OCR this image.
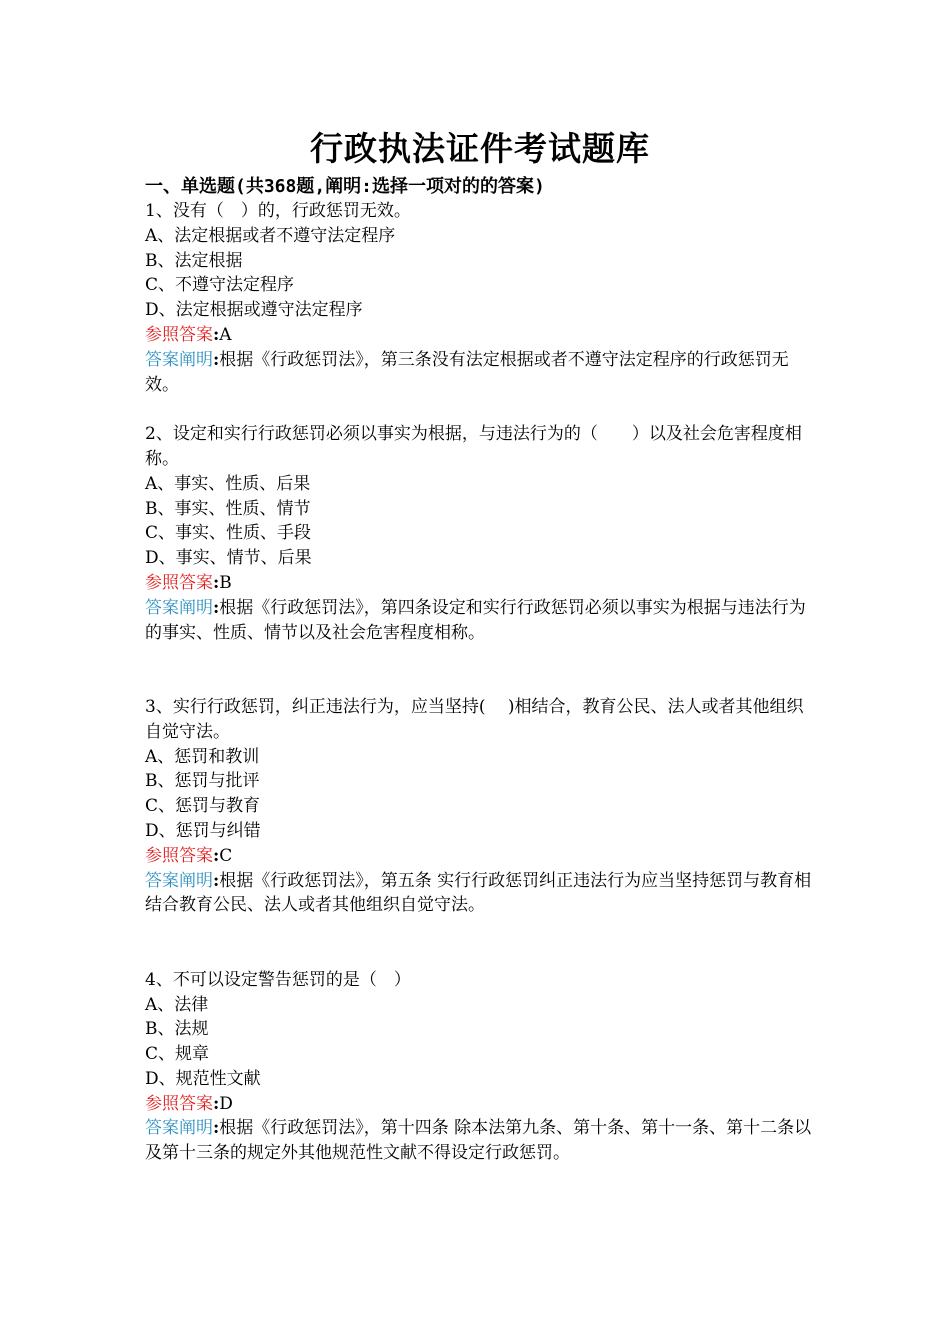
行政执法证件考试题库

一、单选题(共368题,阐明:选择一项对的的答案)

1、没有（　）的，行政惩罚无效。

A、法定根据或者不遵守法定程序

B、法定根据

C、不遵守法定程序

D、法定根据或遵守法定程序

参照答案:A

答案阐明:根据《行政惩罚法》，第三条没有法定根据或者不遵守法定程序的行政惩罚无效。

2、设定和实行行政惩罚必须以事实为根据，与违法行为的（　　）以及社会危害程度相称。

A、事实、性质、后果

B、事实、性质、情节

C、事实、性质、手段

D、事实、情节、后果

参照答案:B

答案阐明:根据《行政惩罚法》，第四条设定和实行行政惩罚必须以事实为根据与违法行为的事实、性质、情节以及社会危害程度相称。

3、实行行政惩罚，纠正违法行为，应当坚持(　 )相结合，教育公民、法人或者其他组织自觉守法。

A、惩罚和教训

B、惩罚与批评

C、惩罚与教育

D、惩罚与纠错

参照答案:C

答案阐明:根据《行政惩罚法》，第五条 实行行政惩罚纠正违法行为应当坚持惩罚与教育相结合教育公民、法人或者其他组织自觉守法。

4、不可以设定警告惩罚的是（　）

A、法律

B、法规

C、规章

D、规范性文献

参照答案:D

答案阐明:根据《行政惩罚法》，第十四条 除本法第九条、第十条、第十一条、第十二条以及第十三条的规定外其他规范性文献不得设定行政惩罚。
